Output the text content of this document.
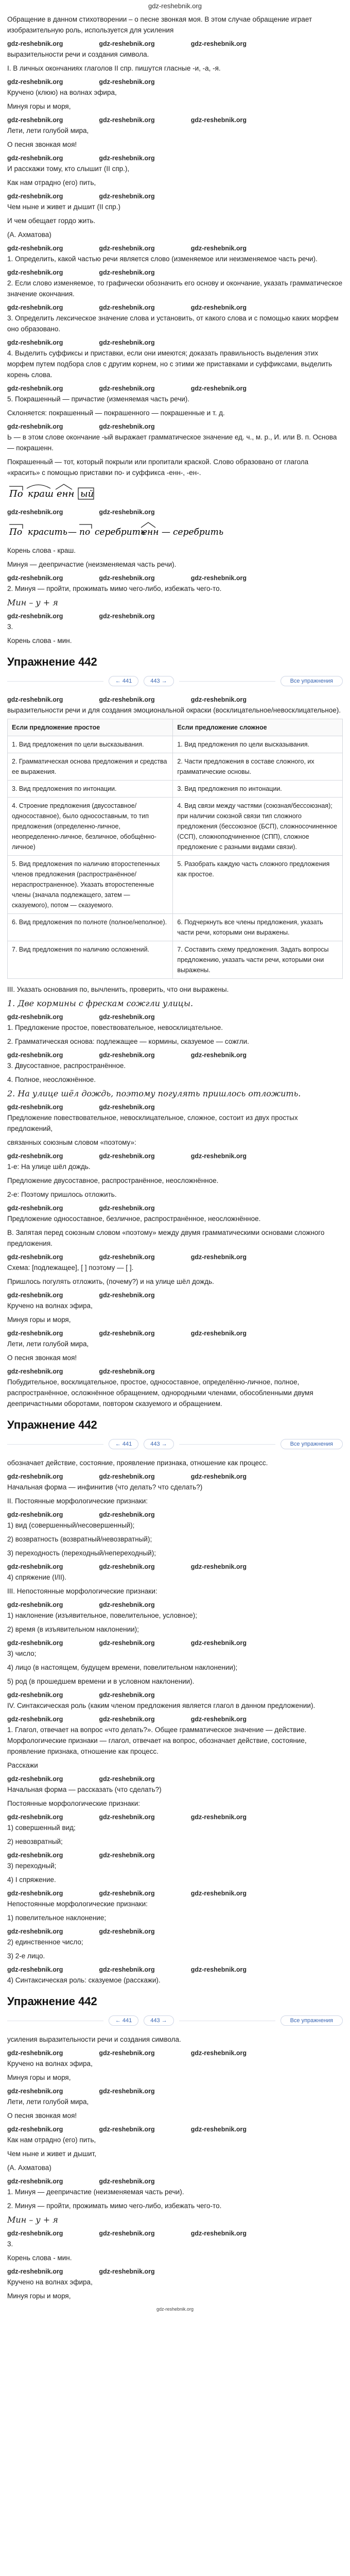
gdz-reshebnik.org

Обращение в данном стихотворении – о песне звонкая моя. В этом случае обращение играет изобразительную роль, используется для усиления

gdz-reshebnik.org	gdz-reshebnik.org	gdz-reshebnik.org

выразительности речи и создания символа.

I. В личных окончаниях глаголов II спр. пишутся гласные -и, -а, -я.

gdz-reshebnik.org	gdz-reshebnik.org

Кручено (клюю) на волнах эфира,

Минуя горы и моря,

gdz-reshebnik.org	gdz-reshebnik.org	gdz-reshebnik.org

Лети, лети голубой мира,

О песня звонкая моя!

gdz-reshebnik.org	gdz-reshebnik.org

И расскажи тому, кто слышит (II спр.),

Как нам отрадно (его) пить,

gdz-reshebnik.org	gdz-reshebnik.org

Чем ныне и живет и дышит (II спр.)

И чем обещает гордо жить.

(А. Ахматова)

gdz-reshebnik.org	gdz-reshebnik.org	gdz-reshebnik.org

1. Определить, какой частью речи является слово (изменяемое или неизменяемое часть речи).

gdz-reshebnik.org	gdz-reshebnik.org

2. Если слово изменяемое, то графически обозначить его основу и окончание, указать грамматическое значение окончания.

gdz-reshebnik.org	gdz-reshebnik.org	gdz-reshebnik.org

3. Определить лексическое значение слова и установить, от какого слова и с помощью каких морфем оно образовано.

gdz-reshebnik.org	gdz-reshebnik.org

4. Выделить суффиксы и приставки, если они имеются; доказать правильность выделения этих морфем путем подбора слов с другим корнем, но с этими же приставками и суффиксами, выделить корень слова.

gdz-reshebnik.org	gdz-reshebnik.org	gdz-reshebnik.org

5. Покрашенный — причастие (изменяемая часть речи).

Склоняется: покрашенный — покрашенного — покрашенные и т. д.

gdz-reshebnik.org	gdz-reshebnik.org

Ь — в этом слове окончание -ый выражает грамматическое значение ед. ч., м. р., И. или В. п. Основа — покрашенн.

Покрашенный — тот, который покрыли или пропитали краской. Слово образовано от глагола «красить» с помощью приставки по- и суффикса -енн-, -ен-.

По краш енн ый
gdz-reshebnik.org	gdz-reshebnik.org
По красить — по серебрить
енн — серебрить

Корень слова - краш.

Минуя — деепричастие (неизменяемая часть речи).

gdz-reshebnik.org	gdz-reshebnik.org	gdz-reshebnik.org

2. Минуя — пройти, прожимать мимо чего-либо, избежать чего-то.

Мин – у + я
gdz-reshebnik.org	gdz-reshebnik.org

3.

Корень слова - мин.

Упражнение 442
← 441	443 →	Все упражнения
gdz-reshebnik.org	gdz-reshebnik.org	gdz-reshebnik.org

выразительности речи и для создания эмоциональной окраски (восклицательное/невосклицательное).

Если предложение простое	Если предложение сложное
1. Вид предложения по цели высказывания.	1. Вид предложения по цели высказывания.
2. Грамматическая основа предложения и средства ее выражения.	2. Части предложения в составе сложного, их грамматические основы.
3. Вид предложения по интонации.	3. Вид предложения по интонации.
4. Строение предложения (двусоставное/односоставное), было односоставным, то тип предложения (определенно-личное, неопределенно-личное, безличное, обобщённо-личное)	4. Вид связи между частями (союзная/бессоюзная); при наличии союзной связи тип сложного предложения (бессоюзное (БСП), сложносочиненное (ССП), сложноподчиненное (СПП), сложное предложение с разными видами связи).
5. Вид предложения по наличию второстепенных членов предложения (распространённое/нераспространенное). Указать второстепенные члены (значала подлежащего, затем — сказуемого), потом — сказуемого.	5. Разобрать каждую часть сложного предложения как простое.
6. Вид предложения по полноте (полное/неполное).	6. Подчеркнуть все члены предложения, указать части речи, которыми они выражены.
7. Вид предложения по наличию осложнений.	7. Составить схему предложения. Задать вопросы предложению, указать части речи, которыми они выражены.

III. Указать основания по, вычленить, проверить, что они выражены.

1. Две кормины с фрескам сожгли улицы.
gdz-reshebnik.org	gdz-reshebnik.org

1. Предложение простое, повествовательное, невосклицательное.

2. Грамматическая основа: подлежащее — кормины, сказуемое — сожгли.

gdz-reshebnik.org	gdz-reshebnik.org	gdz-reshebnik.org

3. Двусоставное, распространённое.

4. Полное, неосложнённое.

2. На улице шёл дождь, поэтому погулять пришлось отложить.
gdz-reshebnik.org	gdz-reshebnik.org

Предложение повествовательное, невосклицательное, сложное, состоит из двух простых предложений,

связанных союзным словом «поэтому»:

gdz-reshebnik.org	gdz-reshebnik.org	gdz-reshebnik.org

1-е: На улице шёл дождь.

Предложение двусоставное, распространённое, неосложнённое.

2-е: Поэтому пришлось отложить.

gdz-reshebnik.org	gdz-reshebnik.org

Предложение односоставное, безличное, распространённое, неосложнённое.

В. Запятая перед союзным словом «поэтому» между двумя грамматическими основами сложного предложения.

gdz-reshebnik.org	gdz-reshebnik.org	gdz-reshebnik.org

Схема: [подлежащее], [ ] поэтому — [ ].

Пришлось погулять отложить, (почему?) и на улице шёл дождь.

gdz-reshebnik.org	gdz-reshebnik.org

Кручено на волнах эфира,

Минуя горы и моря,

gdz-reshebnik.org	gdz-reshebnik.org	gdz-reshebnik.org

Лети, лети голубой мира,

О песня звонкая моя!

gdz-reshebnik.org	gdz-reshebnik.org

Побудительное, восклицательное, простое, односоставное, определённо-личное, полное, распространённое, осложнённое обращением, однородными членами, обособленными двумя деепричастными оборотами, повтором сказуемого и обращением.

Упражнение 442
← 441	443 →	Все упражнения

обозначает действие, состояние, проявление признака, отношение как процесс.

gdz-reshebnik.org	gdz-reshebnik.org	gdz-reshebnik.org

Начальная форма — инфинитив (что делать? что сделать?)

II. Постоянные морфологические признаки:

gdz-reshebnik.org	gdz-reshebnik.org

1) вид (совершенный/несовершенный);

2) возвратность (возвратный/невозвратный);

3) переходность (переходный/непереходный);

gdz-reshebnik.org	gdz-reshebnik.org	gdz-reshebnik.org

4) спряжение (I/II).

III. Непостоянные морфологические признаки:

gdz-reshebnik.org	gdz-reshebnik.org

1) наклонение (изъявительное, повелительное, условное);

2) время (в изъявительном наклонении);

gdz-reshebnik.org	gdz-reshebnik.org	gdz-reshebnik.org

3) число;

4) лицо (в настоящем, будущем времени, повелительном наклонении);

5) род (в прошедшем времени и в условном наклонении).

gdz-reshebnik.org	gdz-reshebnik.org

IV. Синтаксическая роль (каким членом предложения является глагол в данном предложении).

gdz-reshebnik.org	gdz-reshebnik.org	gdz-reshebnik.org

1. Глагол, отвечает на вопрос «что делать?». Общее грамматическое значение — действие. Морфологические признаки — глагол, отвечает на вопрос, обозначает действие, состояние, проявление признака, отношение как процесс.

Расскажи

gdz-reshebnik.org	gdz-reshebnik.org

Начальная форма — рассказать (что сделать?)

Постоянные морфологические признаки:

gdz-reshebnik.org	gdz-reshebnik.org	gdz-reshebnik.org

1) совершенный вид;

2) невозвратный;

gdz-reshebnik.org	gdz-reshebnik.org

3) переходный;

4) I спряжение.

gdz-reshebnik.org	gdz-reshebnik.org	gdz-reshebnik.org

Непостоянные морфологические признаки:

1) повелительное наклонение;

gdz-reshebnik.org	gdz-reshebnik.org

2) единственное число;

3) 2-е лицо.

gdz-reshebnik.org	gdz-reshebnik.org	gdz-reshebnik.org

4) Синтаксическая роль: сказуемое (расскажи).

Упражнение 442
← 441	443 →	Все упражнения

усиления выразительности речи и создания символа.

gdz-reshebnik.org	gdz-reshebnik.org	gdz-reshebnik.org

Кручено на волнах эфира,

Минуя горы и моря,

gdz-reshebnik.org	gdz-reshebnik.org

Лети, лети голубой мира,

О песня звонкая моя!

gdz-reshebnik.org	gdz-reshebnik.org	gdz-reshebnik.org

Как нам отрадно (его) пить,

Чем ныне и живет и дышит,

(А. Ахматова)

gdz-reshebnik.org	gdz-reshebnik.org

1. Минуя — деепричастие (неизменяемая часть речи).

2. Минуя — пройти, прожимать мимо чего-либо, избежать чего-то.

Мин – у + я
gdz-reshebnik.org	gdz-reshebnik.org	gdz-reshebnik.org

3.

Корень слова - мин.

gdz-reshebnik.org	gdz-reshebnik.org

Кручено на волнах эфира,

Минуя горы и моря,

gdz-reshebnik.org
